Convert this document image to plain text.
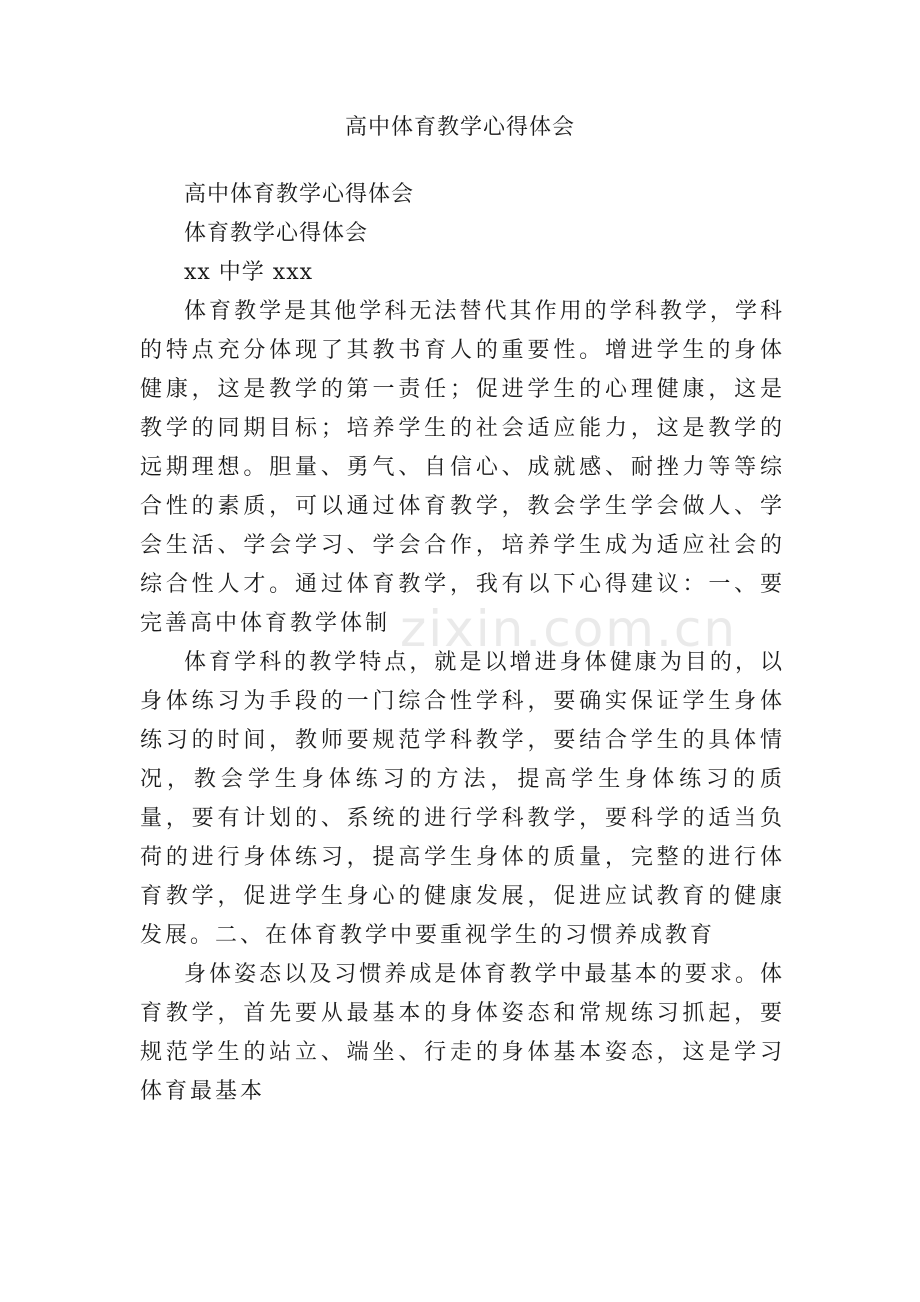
高中体育教学心得体会

高中体育教学心得体会

体育教学心得体会

xx 中学 xxx

体育教学是其他学科无法替代其作用的学科教学，学科的特点充分体现了其教书育人的重要性。增进学生的身体健康，这是教学的第一责任；促进学生的心理健康，这是教学的同期目标；培养学生的社会适应能力，这是教学的远期理想。胆量、勇气、自信心、成就感、耐挫力等等综合性的素质，可以通过体育教学，教会学生学会做人、学会生活、学会学习、学会合作，培养学生成为适应社会的综合性人才。通过体育教学，我有以下心得建议：一、要完善高中体育教学体制

体育学科的教学特点，就是以增进身体健康为目的，以身体练习为手段的一门综合性学科，要确实保证学生身体练习的时间，教师要规范学科教学，要结合学生的具体情况，教会学生身体练习的方法，提高学生身体练习的质量，要有计划的、系统的进行学科教学，要科学的适当负荷的进行身体练习，提高学生身体的质量，完整的进行体育教学，促进学生身心的健康发展，促进应试教育的健康发展。二、在体育教学中要重视学生的习惯养成教育

身体姿态以及习惯养成是体育教学中最基本的要求。体育教学，首先要从最基本的身体姿态和常规练习抓起，要规范学生的站立、端坐、行走的身体基本姿态，这是学习体育最基本

zixin.com.cn
